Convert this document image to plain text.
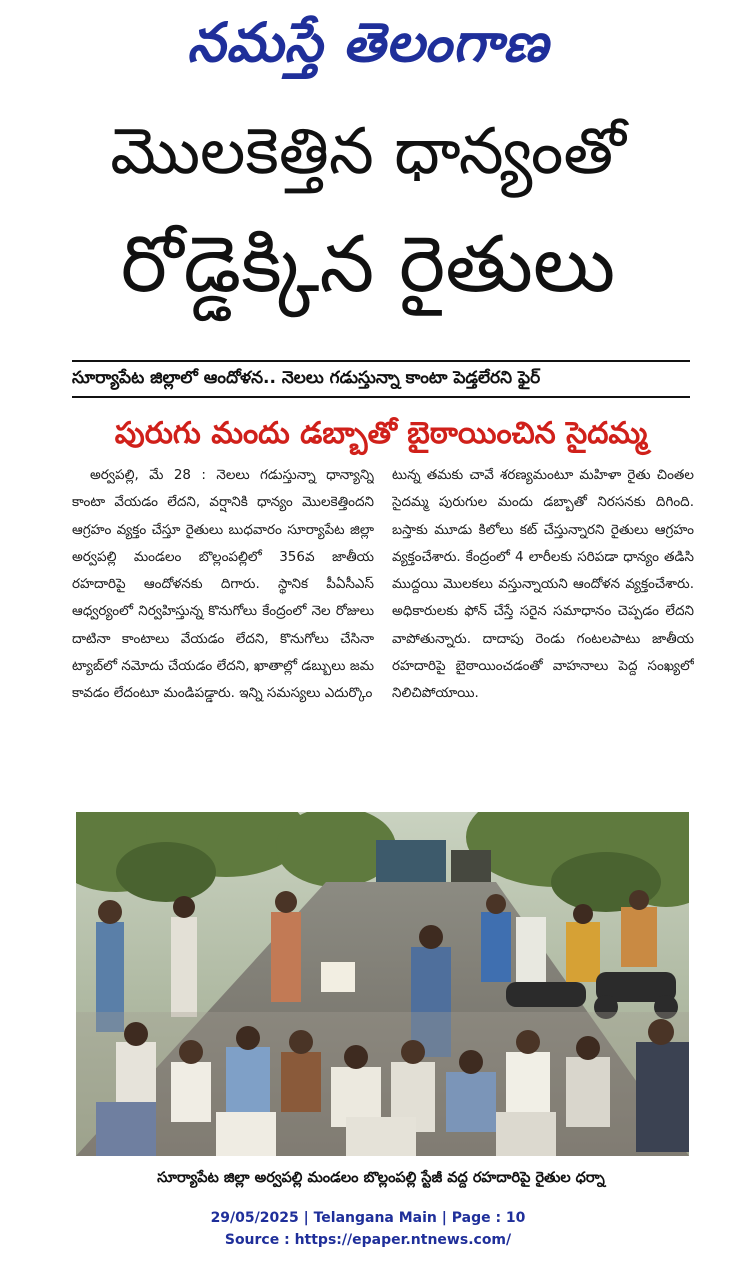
నమస్తే తెలంగాణ
మొలకెత్తిన ధాన్యంతో
రోడ్డెక్కిన రైతులు
సూర్యాపేట జిల్లాలో ఆందోళన.. నెలలు గడుస్తున్నా కాంటా పెడ్తలేరని ఫైర్
పురుగు మందు డబ్బాతో బైఠాయించిన సైదమ్మ
అర్వపల్లి, మే 28 : నెలలు గడుస్తున్నా ధాన్యాన్ని కాంటా వేయడం లేదని, వర్షానికి ధాన్యం మొలకెత్తిందని ఆగ్రహం వ్యక్తం చేస్తూ రైతులు బుధవారం సూర్యాపేట జిల్లా అర్వపల్లి మండలం బొల్లంపల్లిలో 356వ జాతీయ రహదారిపై ఆందోళనకు దిగారు. స్థానిక పీఏసీఎస్ ఆధ్వర్యంలో నిర్వహిస్తున్న కొనుగోలు కేంద్రంలో నెల రోజులు దాటినా కాంటాలు వేయడం లేదని, కొనుగోలు చేసినా ట్యాబ్‌లో నమోదు చేయడం లేదని, ఖాతాల్లో డబ్బులు జమ కావడం లేదంటూ మండిపడ్డారు. ఇన్ని సమస్యలు ఎదుర్కొం
టున్న తమకు చావే శరణ్యమంటూ మహిళా రైతు చింతల సైదమ్మ పురుగుల మందు డబ్బాతో నిరసనకు దిగింది. బస్తాకు మూడు కిలోలు కట్ చేస్తున్నారని రైతులు ఆగ్రహం వ్యక్తంచేశారు. కేంద్రంలో 4 లారీలకు సరిపడా ధాన్యం తడిసి ముద్దయి మొలకలు వస్తున్నాయని ఆందోళన వ్యక్తంచేశారు. అధికారులకు ఫోన్ చేస్తే సరైన సమాధానం చెప్పడం లేదని వాపోతున్నారు. దాదాపు రెండు గంటలపాటు జాతీయ రహదారిపై బైఠాయించడంతో వాహనాలు పెద్ద సంఖ్యలో నిలిచిపోయాయి.
సూర్యాపేట జిల్లా అర్వపల్లి మండలం బొల్లంపల్లి స్టేజీ వద్ద రహదారిపై రైతుల ధర్నా
29/05/2025 | Telangana Main | Page : 10
Source : https://epaper.ntnews.com/
